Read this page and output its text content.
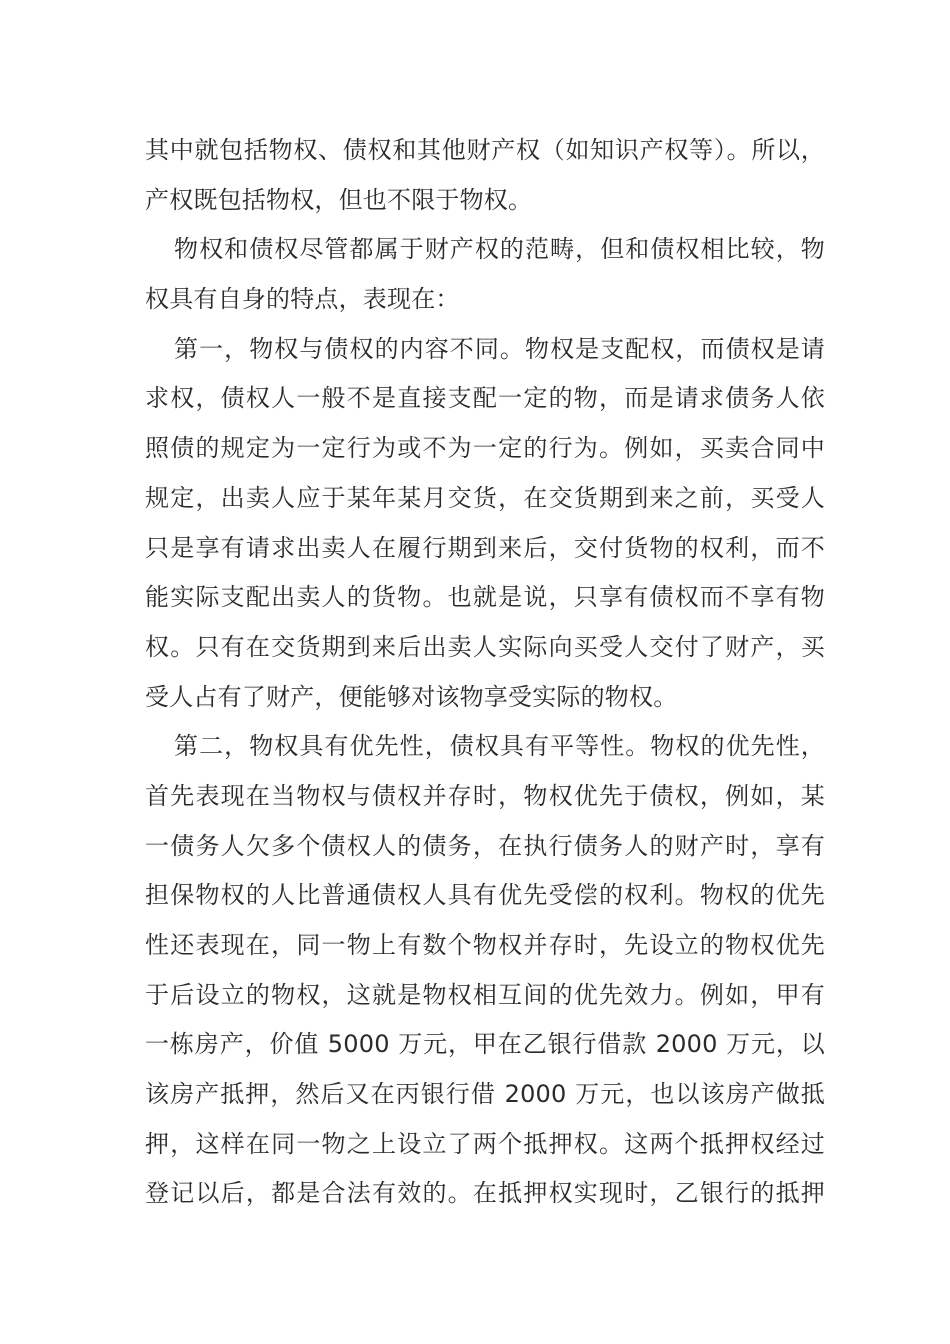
其中就包括物权、债权和其他财产权（如知识产权等）。所以，
产权既包括物权，但也不限于物权。
物权和债权尽管都属于财产权的范畴，但和债权相比较，物
权具有自身的特点，表现在：
第一，物权与债权的内容不同。物权是支配权，而债权是请
求权，债权人一般不是直接支配一定的物，而是请求债务人依
照债的规定为一定行为或不为一定的行为。例如，买卖合同中
规定，出卖人应于某年某月交货，在交货期到来之前，买受人
只是享有请求出卖人在履行期到来后，交付货物的权利，而不
能实际支配出卖人的货物。也就是说，只享有债权而不享有物
权。只有在交货期到来后出卖人实际向买受人交付了财产，买
受人占有了财产，便能够对该物享受实际的物权。
第二，物权具有优先性，债权具有平等性。物权的优先性，
首先表现在当物权与债权并存时，物权优先于债权，例如，某
一债务人欠多个债权人的债务，在执行债务人的财产时，享有
担保物权的人比普通债权人具有优先受偿的权利。物权的优先
性还表现在，同一物上有数个物权并存时，先设立的物权优先
于后设立的物权，这就是物权相互间的优先效力。例如，甲有
一栋房产，价值 5000 万元，甲在乙银行借款 2000 万元，以
该房产抵押，然后又在丙银行借 2000 万元，也以该房产做抵
押，这样在同一物之上设立了两个抵押权。这两个抵押权经过
登记以后，都是合法有效的。在抵押权实现时，乙银行的抵押
